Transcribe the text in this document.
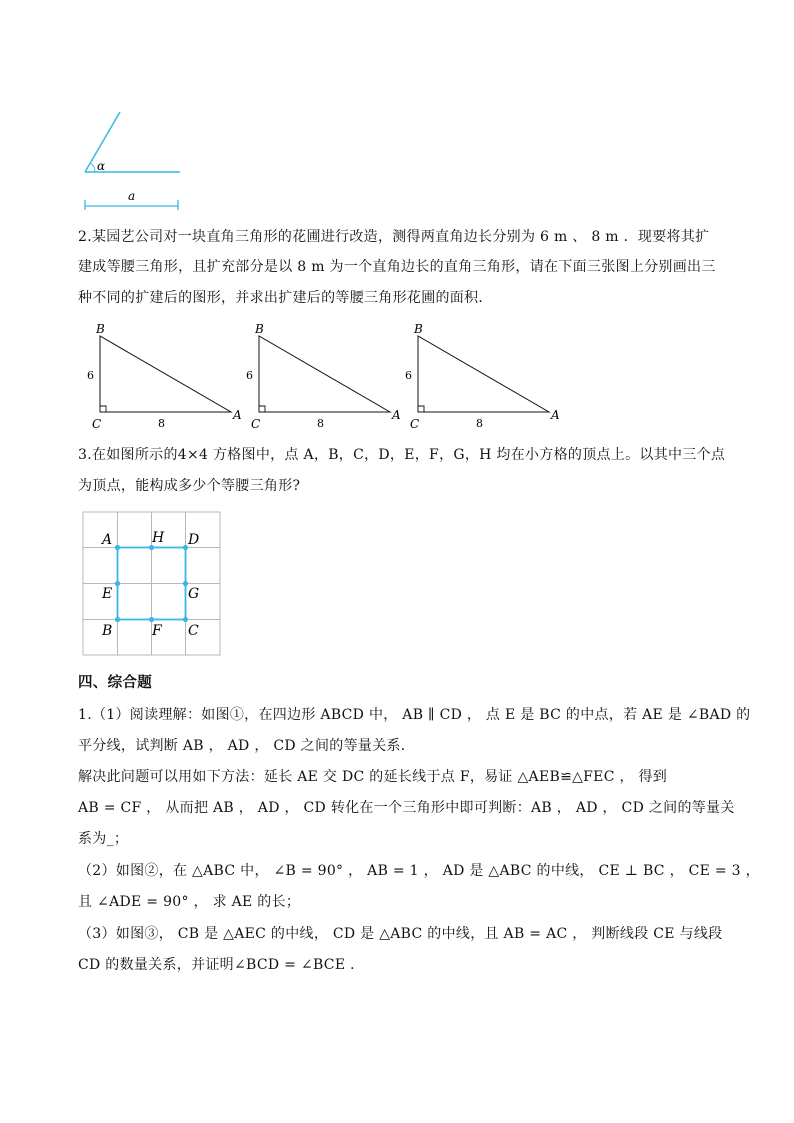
α
a
2.某园艺公司对一块直角三角形的花圃进行改造，测得两直角边长分别为 6 m 、 8 m ．现要将其扩
建成等腰三角形，且扩充部分是以 8 m 为一个直角边长的直角三角形，请在下面三张图上分别画出三
种不同的扩建后的图形，并求出扩建后的等腰三角形花圃的面积．
B
C
A
6
8
B
C
A
6
8
B
C
A
6
8
3.在如图所示的4×4 方格图中，点 A，B，C，D，E，F，G，H 均在小方格的顶点上。以其中三个点
为顶点，能构成多少个等腰三角形?
A	H D
E	G
B	F C
四、综合题
1.（1）阅读理解：如图①，在四边形 ABCD 中， AB ∥ CD ， 点 E 是 BC 的中点，若 AE 是 ∠BAD 的
平分线，试判断 AB ， AD ， CD 之间的等量关系．
解决此问题可以用如下方法：延长 AE 交 DC 的延长线于点 F，易证 △AEB≌△FEC ， 得到
AB = CF ， 从而把 AB ， AD ， CD 转化在一个三角形中即可判断：AB ， AD ， CD 之间的等量关
系为_；
（2）如图②，在 △ABC 中， ∠B = 90° ， AB = 1 ， AD 是 △ABC 的中线， CE ⊥ BC ， CE = 3 ，
且 ∠ADE = 90° ， 求 AE 的长；
（3）如图③， CB 是 △AEC 的中线， CD 是 △ABC 的中线，且 AB = AC ， 判断线段 CE 与线段
CD 的数量关系，并证明∠BCD = ∠BCE ．
